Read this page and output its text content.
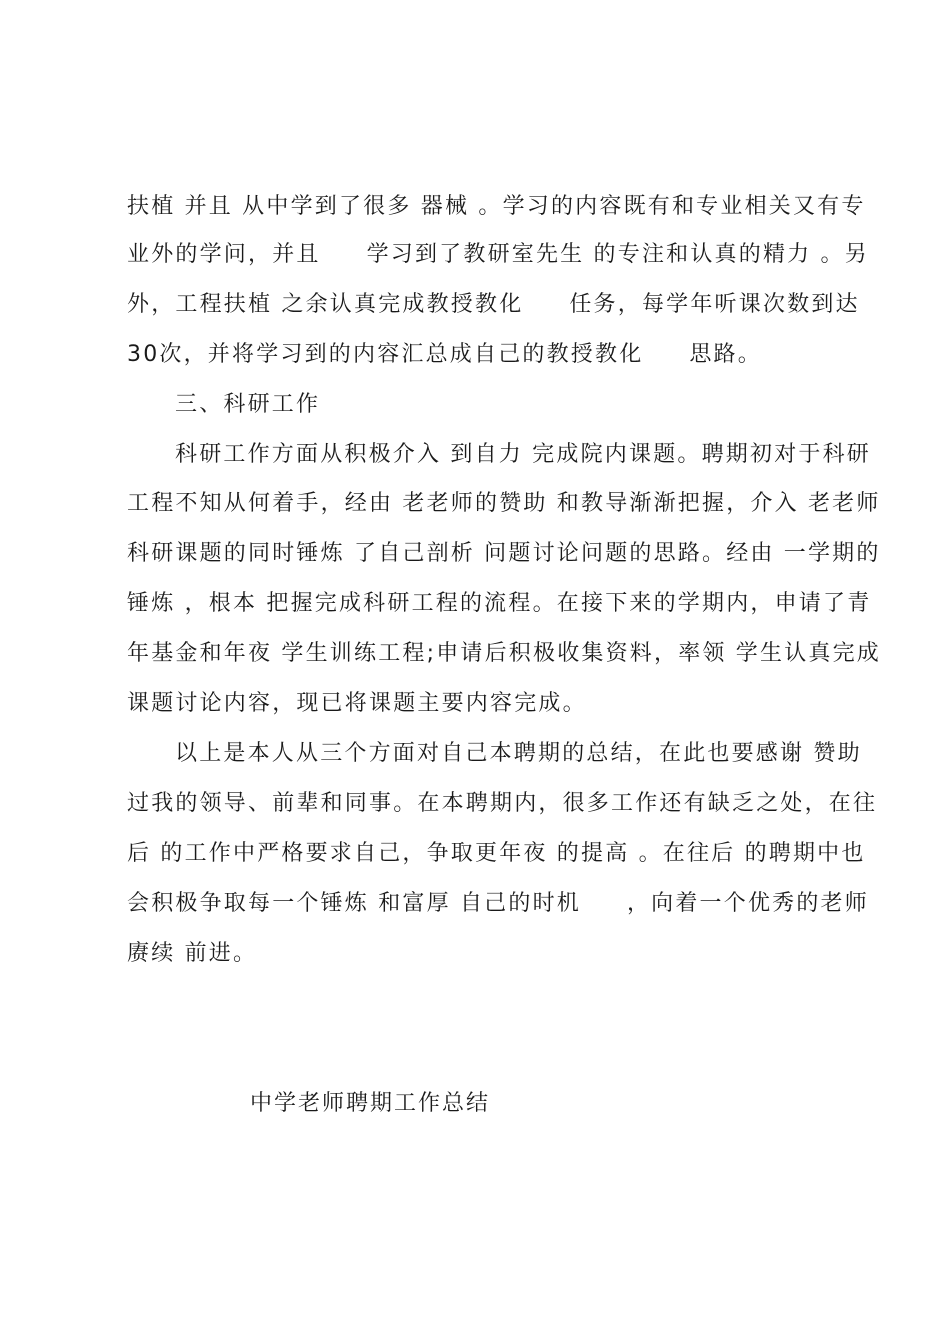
扶植 并且 从中学到了很多 器械 。学习的内容既有和专业相关又有专
业外的学问，并且     学习到了教研室先生 的专注和认真的精力 。另
外，工程扶植 之余认真完成教授教化     任务，每学年听课次数到达
30次，并将学习到的内容汇总成自己的教授教化     思路。
三、科研工作
科研工作方面从积极介入 到自力 完成院内课题。聘期初对于科研
工程不知从何着手，经由 老老师的赞助 和教导渐渐把握，介入 老老师
科研课题的同时锤炼 了自己剖析 问题讨论问题的思路。经由 一学期的
锤炼 ，根本 把握完成科研工程的流程。在接下来的学期内，申请了青
年基金和年夜 学生训练工程;申请后积极收集资料，率领 学生认真完成
课题讨论内容，现已将课题主要内容完成。
以上是本人从三个方面对自己本聘期的总结，在此也要感谢 赞助
过我的领导、前辈和同事。在本聘期内，很多工作还有缺乏之处，在往
后 的工作中严格要求自己，争取更年夜 的提高 。在往后 的聘期中也
会积极争取每一个锤炼 和富厚 自己的时机     ，向着一个优秀的老师
赓续 前进。
中学老师聘期工作总结
